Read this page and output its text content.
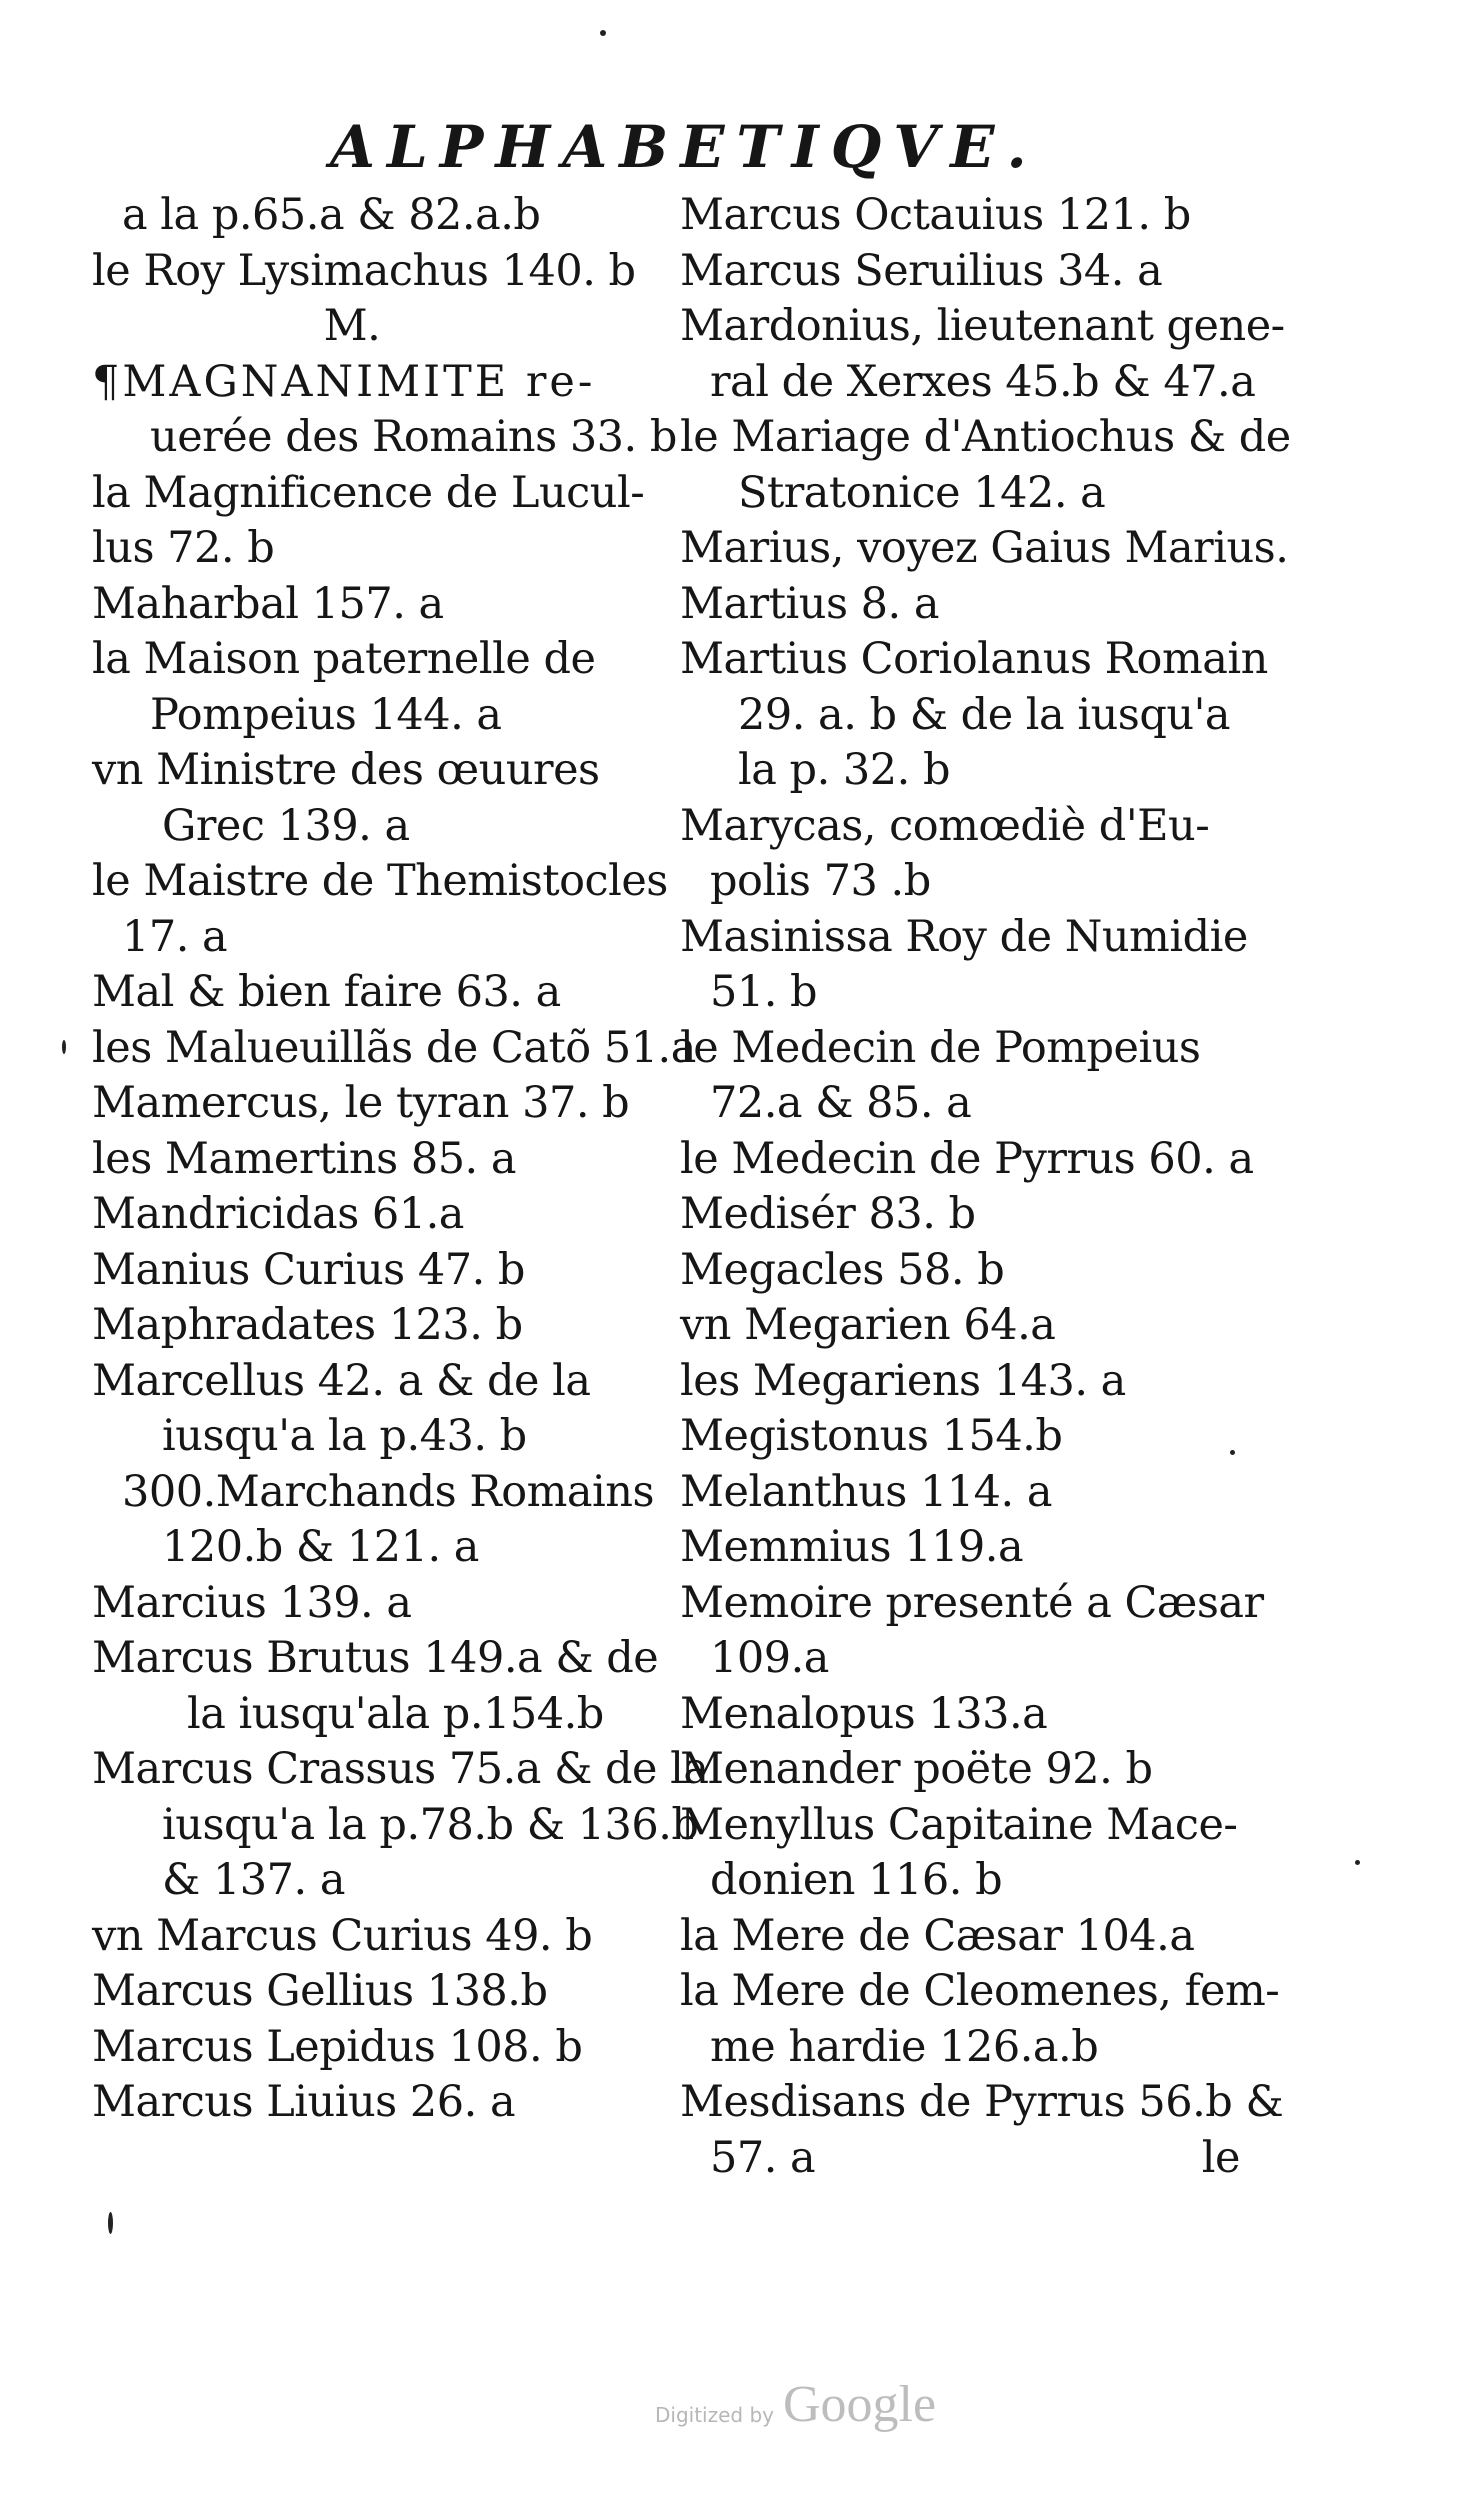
ALPHABETIQVE.
a la p.65.a & 82.a.b
le Roy Lysimachus 140. b
M.
¶MAGNANIMITE re-
uerée des Romains 33. b
la Magnificence de Lucul-
lus 72. b
Maharbal 157. a
la Maison paternelle de
Pompeius 144. a
vn Ministre des œuures
Grec 139. a
le Maistre de Themistocles
17. a
Mal & bien faire 63. a
les Malueuillãs de Catõ 51.a
Mamercus, le tyran 37. b
les Mamertins 85. a
Mandricidas 61.a
Manius Curius 47. b
Maphradates 123. b
Marcellus 42. a & de la
iusqu'a la p.43. b
300.Marchands Romains
120.b & 121. a
Marcius 139. a
Marcus Brutus 149.a & de
la iusqu'ala p.154.b
Marcus Crassus 75.a & de la
iusqu'a la p.78.b & 136.b
& 137. a
vn Marcus Curius 49. b
Marcus Gellius 138.b
Marcus Lepidus 108. b
Marcus Liuius 26. a
Marcus Octauius 121. b
Marcus Seruilius 34. a
Mardonius, lieutenant gene-
ral de Xerxes 45.b & 47.a
le Mariage d'Antiochus & de
Stratonice 142. a
Marius, voyez Gaius Marius.
Martius 8. a
Martius Coriolanus Romain
29. a. b & de la iusqu'a
la p. 32. b
Marycas, comœdiè d'Eu-
polis 73 .b
Masinissa Roy de Numidie
51. b
le Medecin de Pompeius
72.a & 85. a
le Medecin de Pyrrus 60. a
Medisér 83. b
Megacles 58. b
vn Megarien 64.a
les Megariens 143. a
Megistonus 154.b
Melanthus 114. a
Memmius 119.a
Memoire presenté a Cæsar
109.a
Menalopus 133.a
Menander poëte 92. b
Menyllus Capitaine Mace-
donien 116. b
la Mere de Cæsar 104.a
la Mere de Cleomenes, fem-
me hardie 126.a.b
Mesdisans de Pyrrus 56.b &
57. a	le
Digitized by Google
